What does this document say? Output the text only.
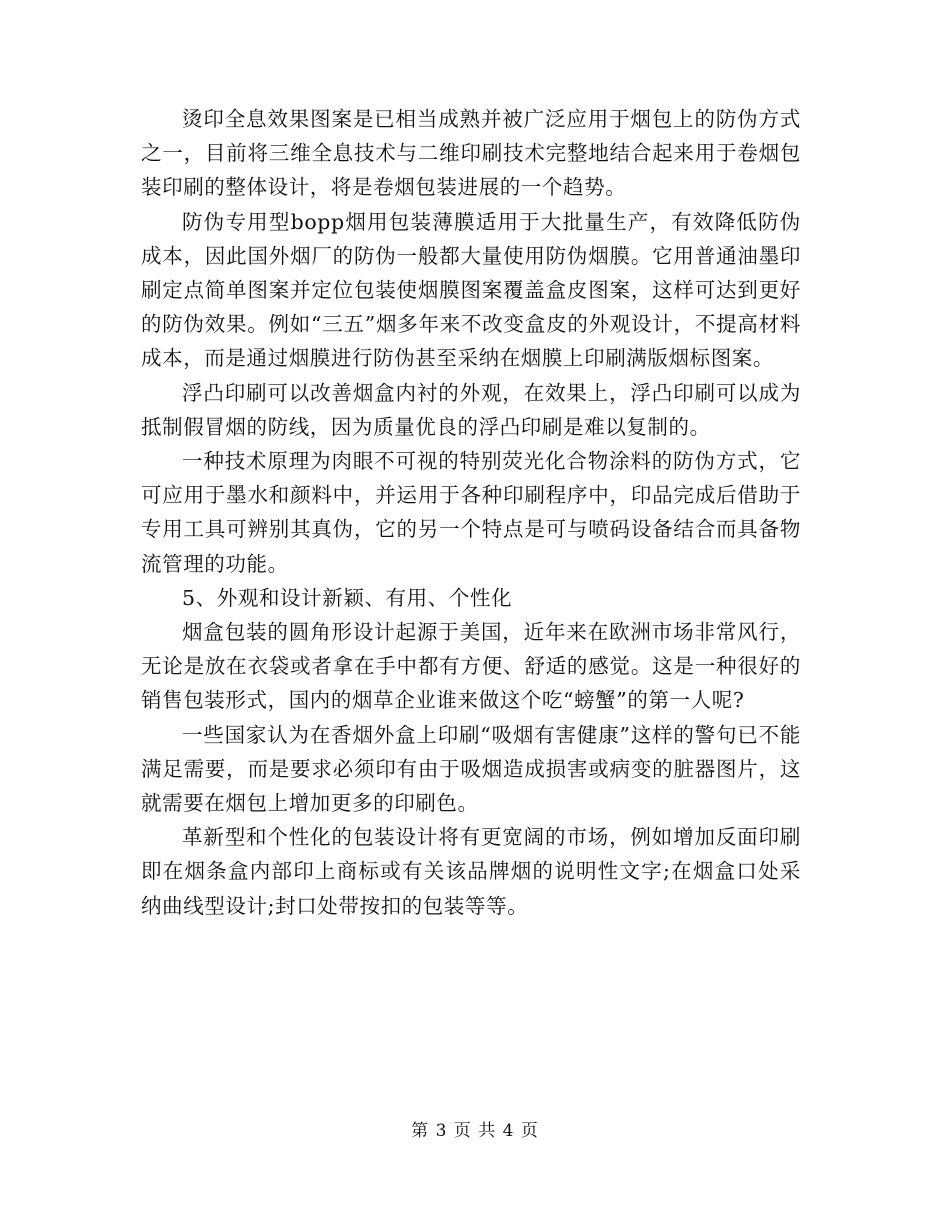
烫印全息效果图案是已相当成熟并被广泛应用于烟包上的防伪方式之一，目前将三维全息技术与二维印刷技术完整地结合起来用于卷烟包装印刷的整体设计，将是卷烟包装进展的一个趋势。

防伪专用型bopp烟用包装薄膜适用于大批量生产，有效降低防伪成本，因此国外烟厂的防伪一般都大量使用防伪烟膜。它用普通油墨印刷定点简单图案并定位包装使烟膜图案覆盖盒皮图案，这样可达到更好的防伪效果。例如“三五”烟多年来不改变盒皮的外观设计，不提高材料成本，而是通过烟膜进行防伪甚至采纳在烟膜上印刷满版烟标图案。

浮凸印刷可以改善烟盒内衬的外观，在效果上，浮凸印刷可以成为抵制假冒烟的防线，因为质量优良的浮凸印刷是难以复制的。

一种技术原理为肉眼不可视的特别荧光化合物涂料的防伪方式，它可应用于墨水和颜料中，并运用于各种印刷程序中，印品完成后借助于专用工具可辨别其真伪，它的另一个特点是可与喷码设备结合而具备物流管理的功能。

5、外观和设计新颖、有用、个性化

烟盒包装的圆角形设计起源于美国，近年来在欧洲市场非常风行，无论是放在衣袋或者拿在手中都有方便、舒适的感觉。这是一种很好的销售包装形式，国内的烟草企业谁来做这个吃“螃蟹”的第一人呢?

一些国家认为在香烟外盒上印刷“吸烟有害健康”这样的警句已不能满足需要，而是要求必须印有由于吸烟造成损害或病变的脏器图片，这就需要在烟包上增加更多的印刷色。

革新型和个性化的包装设计将有更宽阔的市场，例如增加反面印刷即在烟条盒内部印上商标或有关该品牌烟的说明性文字;在烟盒口处采纳曲线型设计;封口处带按扣的包装等等。

第 3 页 共 4 页
